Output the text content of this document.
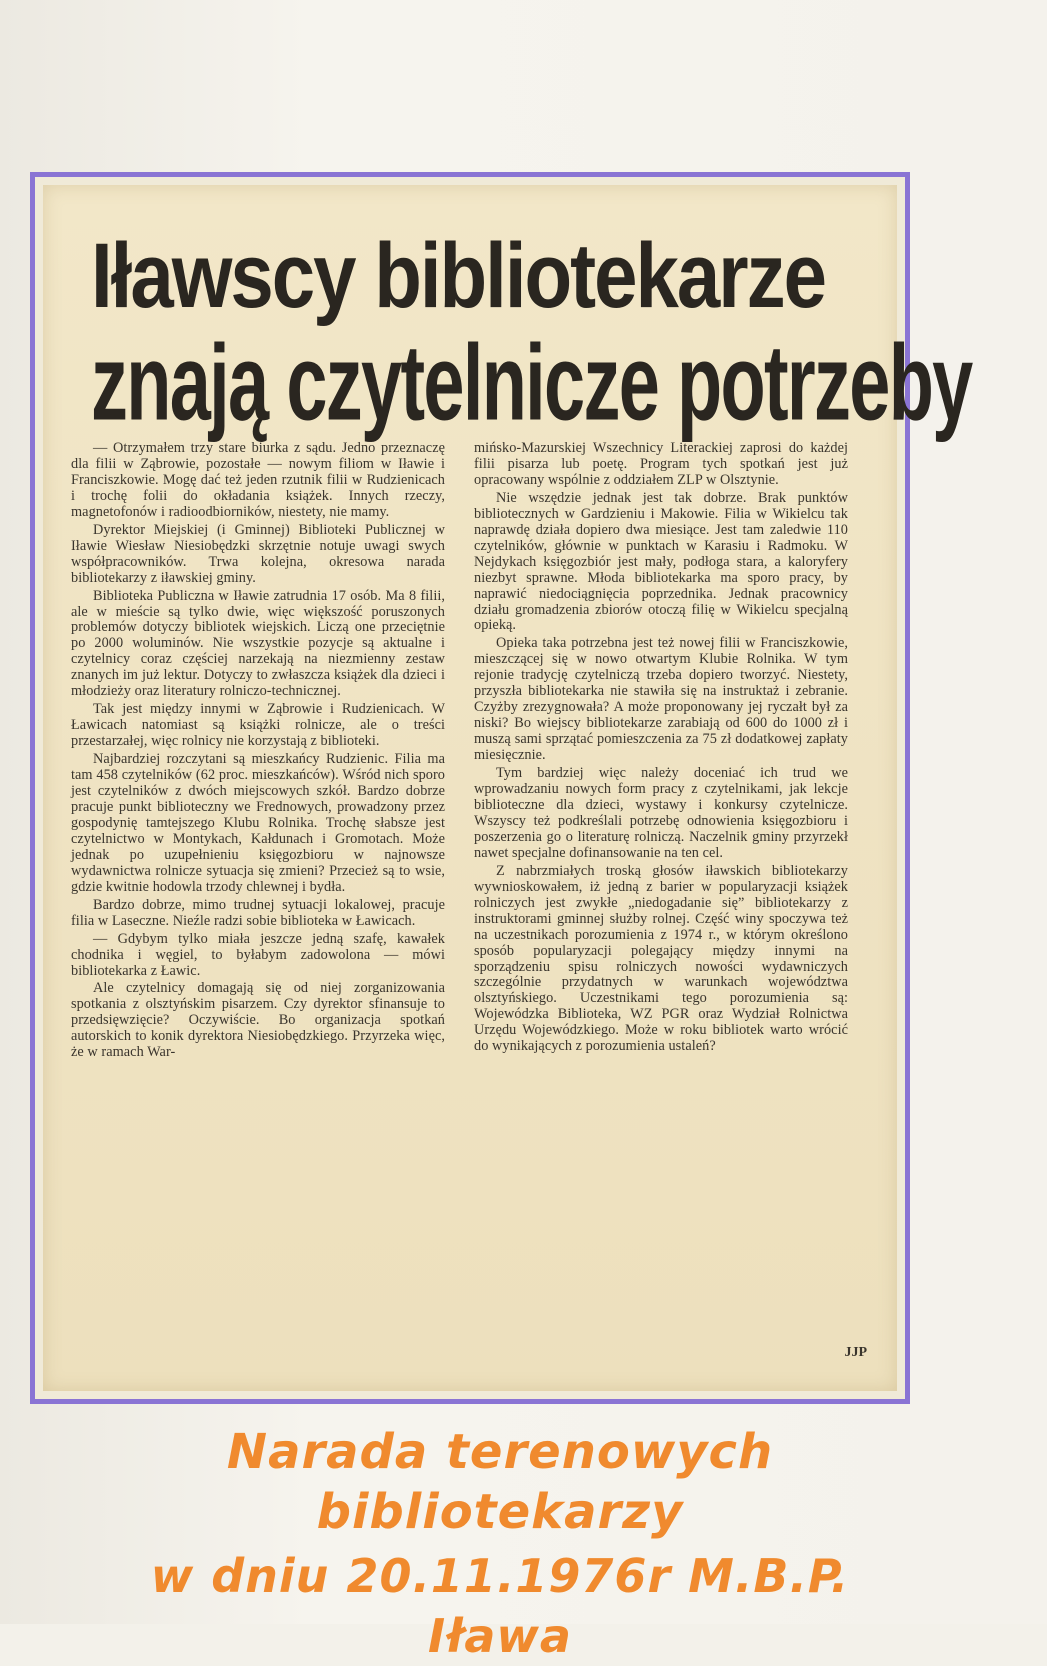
Iławscy bibliotekarze
znają czytelnicze potrzeby

— Otrzymałem trzy stare biurka z sądu. Jedno przeznaczę dla filii w Ząbrowie, pozostałe — nowym filiom w Iławie i Franciszkowie. Mogę dać też jeden rzutnik filii w Rudzienicach i trochę folii do okładania książek. Innych rzeczy, magnetofonów i radioodbiorników, niestety, nie mamy.

Dyrektor Miejskiej (i Gminnej) Biblioteki Publicznej w Iławie Wiesław Niesiobędzki skrzętnie notuje uwagi swych współpracowników. Trwa kolejna, okresowa narada bibliotekarzy z iławskiej gminy.

Biblioteka Publiczna w Iławie zatrudnia 17 osób. Ma 8 filii, ale w mieście są tylko dwie, więc większość poruszonych problemów dotyczy bibliotek wiejskich. Liczą one przeciętnie po 2000 woluminów. Nie wszystkie pozycje są aktualne i czytelnicy coraz częściej narzekają na niezmienny zestaw znanych im już lektur. Dotyczy to zwłaszcza książek dla dzieci i młodzieży oraz literatury rolniczo-technicznej.

Tak jest między innymi w Ząbrowie i Rudzienicach. W Ławicach natomiast są książki rolnicze, ale o treści przestarzałej, więc rolnicy nie korzystają z biblioteki.

Najbardziej rozczytani są mieszkańcy Rudzienic. Filia ma tam 458 czytelników (62 proc. mieszkańców). Wśród nich sporo jest czytelników z dwóch miejscowych szkół. Bardzo dobrze pracuje punkt biblioteczny we Frednowych, prowadzony przez gospodynię tamtejszego Klubu Rolnika. Trochę słabsze jest czytelnictwo w Montykach, Kałdunach i Gromotach. Może jednak po uzupełnieniu księgozbioru w najnowsze wydawnictwa rolnicze sytuacja się zmieni? Przecież są to wsie, gdzie kwitnie hodowla trzody chlewnej i bydła.

Bardzo dobrze, mimo trudnej sytuacji lokalowej, pracuje filia w Laseczne. Nieźle radzi sobie biblioteka w Ławicach.

— Gdybym tylko miała jeszcze jedną szafę, kawałek chodnika i węgiel, to byłabym zadowolona — mówi bibliotekarka z Ławic.

Ale czytelnicy domagają się od niej zorganizowania spotkania z olsztyńskim pisarzem. Czy dyrektor sfinansuje to przedsięwzięcie? Oczywiście. Bo organizacja spotkań autorskich to konik dyrektora Niesiobędzkiego. Przyrzeka więc, że w ramach War-

mińsko-Mazurskiej Wszechnicy Literackiej zaprosi do każdej filii pisarza lub poetę. Program tych spotkań jest już opracowany wspólnie z oddziałem ZLP w Olsztynie.

Nie wszędzie jednak jest tak dobrze. Brak punktów bibliotecznych w Gardzieniu i Makowie. Filia w Wikielcu tak naprawdę działa dopiero dwa miesiące. Jest tam zaledwie 110 czytelników, głównie w punktach w Karasiu i Radmoku. W Nejdykach księgozbiór jest mały, podłoga stara, a kaloryfery niezbyt sprawne. Młoda bibliotekarka ma sporo pracy, by naprawić niedociągnięcia poprzednika. Jednak pracownicy działu gromadzenia zbiorów otoczą filię w Wikielcu specjalną opieką.

Opieka taka potrzebna jest też nowej filii w Franciszkowie, mieszczącej się w nowo otwartym Klubie Rolnika. W tym rejonie tradycję czytelniczą trzeba dopiero tworzyć. Niestety, przyszła bibliotekarka nie stawiła się na instruktaż i zebranie. Czyżby zrezygnowała? A może proponowany jej ryczałt był za niski? Bo wiejscy bibliotekarze zarabiają od 600 do 1000 zł i muszą sami sprzątać pomieszczenia za 75 zł dodatkowej zapłaty miesięcznie.

Tym bardziej więc należy doceniać ich trud we wprowadzaniu nowych form pracy z czytelnikami, jak lekcje biblioteczne dla dzieci, wystawy i konkursy czytelnicze. Wszyscy też podkreślali potrzebę odnowienia księgozbioru i poszerzenia go o literaturę rolniczą. Naczelnik gminy przyrzekł nawet specjalne dofinansowanie na ten cel.

Z nabrzmiałych troską głosów iławskich bibliotekarzy wywnioskowałem, iż jedną z barier w popularyzacji książek rolniczych jest zwykłe „niedogadanie się” bibliotekarzy z instruktorami gminnej służby rolnej. Część winy spoczywa też na uczestnikach porozumienia z 1974 r., w którym określono sposób popularyzacji polegający między innymi na sporządzeniu spisu rolniczych nowości wydawniczych szczególnie przydatnych w warunkach województwa olsztyńskiego. Uczestnikami tego porozumienia są: Wojewódzka Biblioteka, WZ PGR oraz Wydział Rolnictwa Urzędu Wojewódzkiego. Może w roku bibliotek warto wrócić do wynikających z porozumienia ustaleń?

JJP
Narada terenowych bibliotekarzy
w dniu 20.11.1976r M.B.P. Iława
